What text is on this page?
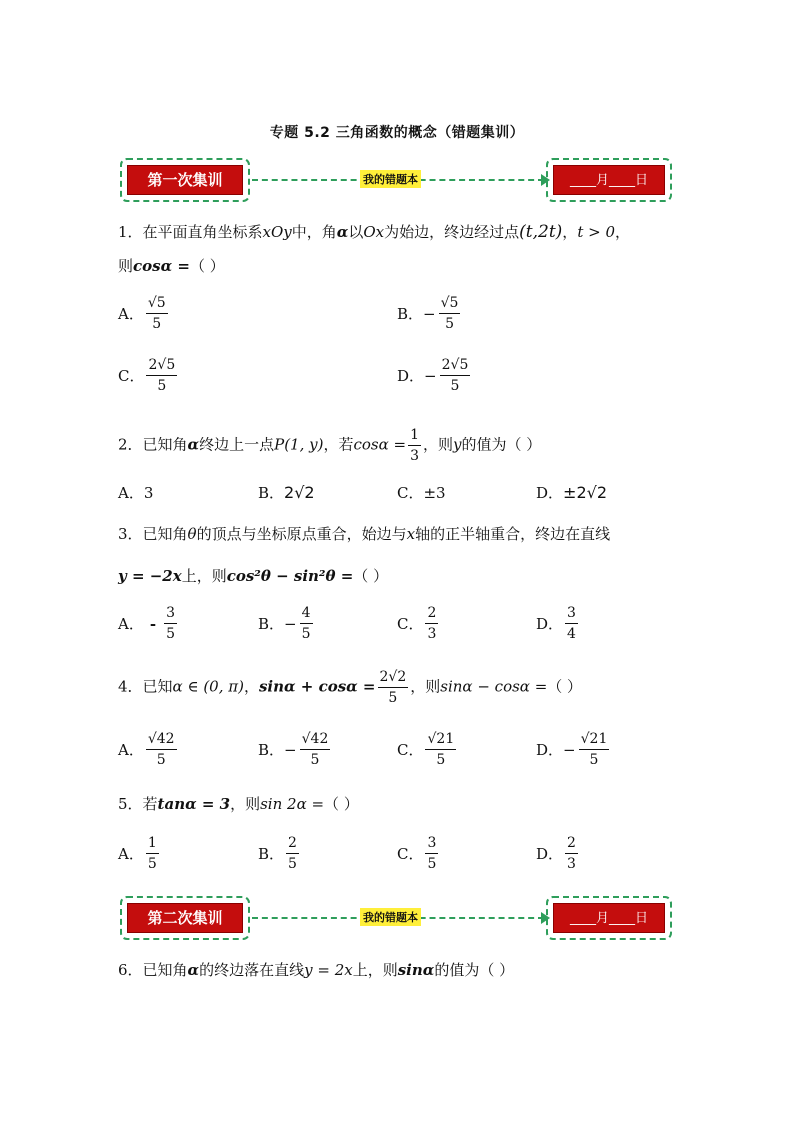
专题 5.2 三角函数的概念（错题集训）
第一次集训	我的错题本	____月____日
1．在平面直角坐标系xOy中，角α以Ox为始边，终边经过点(t,2t)，t > 0，
则cosα =（ ）
A． $\frac{√5}{5}$	B．− $\frac{√5}{5}$
C． $\frac{2√5}{5}$	D．− $\frac{2√5}{5}$
2．已知角α终边上一点P(1, y)，若$\cos\alpha = \frac{1}{3}$ ，则y的值为（ ）
A．3	B．2√2	C．±3	D．±2√2
3．已知角θ的顶点与坐标原点重合，始边与x轴的正半轴重合，终边在直线
y = −2x上，则cos²θ − sin²θ =（ ）
A． - $\frac{3}{5}$	B．− $\frac{4}{5}$	C． $\frac{2}{3}$	D． $\frac{3}{4}$
4．已知α ∈ (0, π)，$\sin\alpha + \cos\alpha = \frac{2√2}{5}$ ，则sinα − cosα =（ ）
A． $\frac{√42}{5}$	B．− $\frac{√42}{5}$	C． $\frac{√21}{5}$	D．− $\frac{√21}{5}$
5．若tanα = 3，则sin 2α =（ ）
A． $\frac{1}{5}$	B． $\frac{2}{5}$	C． $\frac{3}{5}$	D． $\frac{2}{3}$
第二次集训	我的错题本	____月____日
6．已知角α的终边落在直线y = 2x上，则sinα的值为（ ）
